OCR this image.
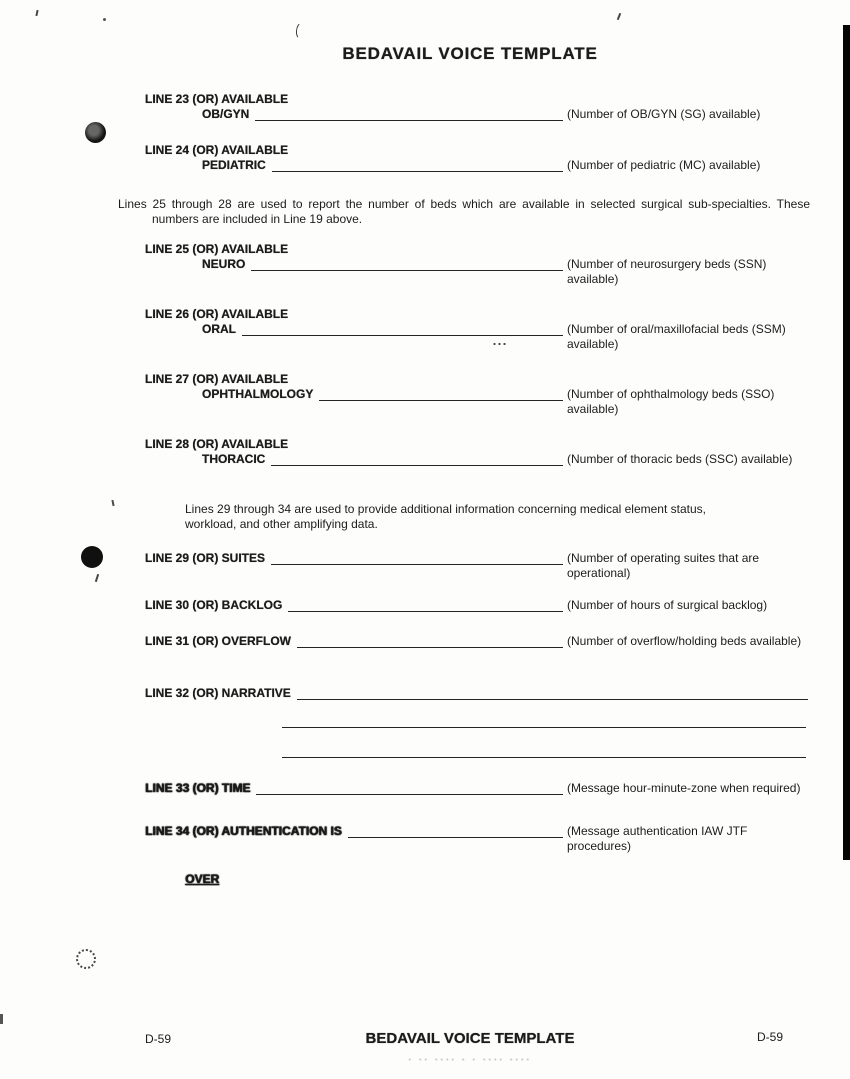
BEDAVAIL VOICE TEMPLATE
LINE 23 (OR) AVAILABLE
OB/GYN	(Number of OB/GYN (SG) available)
LINE 24 (OR) AVAILABLE
PEDIATRIC	(Number of pediatric (MC) available)
Lines 25 through 28 are used to report the number of beds which are available in selected surgical sub-specialties. These numbers are included in Line 19 above.
LINE 25 (OR) AVAILABLE
NEURO	(Number of neurosurgery beds (SSN) available)
LINE 26 (OR) AVAILABLE
ORAL	(Number of oral/maxillofacial beds (SSM) available)
LINE 27 (OR) AVAILABLE
OPHTHALMOLOGY	(Number of ophthalmology beds (SSO) available)
LINE 28 (OR) AVAILABLE
THORACIC	(Number of thoracic beds (SSC) available)
Lines 29 through 34 are used to provide additional information concerning medical element status, workload, and other amplifying data.
LINE 29 (OR) SUITES	(Number of operating suites that are operational)
LINE 30 (OR) BACKLOG	(Number of hours of surgical backlog)
LINE 31 (OR) OVERFLOW	(Number of overflow/holding beds available)
LINE 32 (OR) NARRATIVE
LINE 33 (OR) TIME	(Message hour-minute-zone when required)
LINE 34 (OR) AUTHENTICATION IS	(Message authentication IAW JTF procedures)
OVER
D-59	BEDAVAIL VOICE TEMPLATE	D-59
· ·· ···· · · ···· ····
